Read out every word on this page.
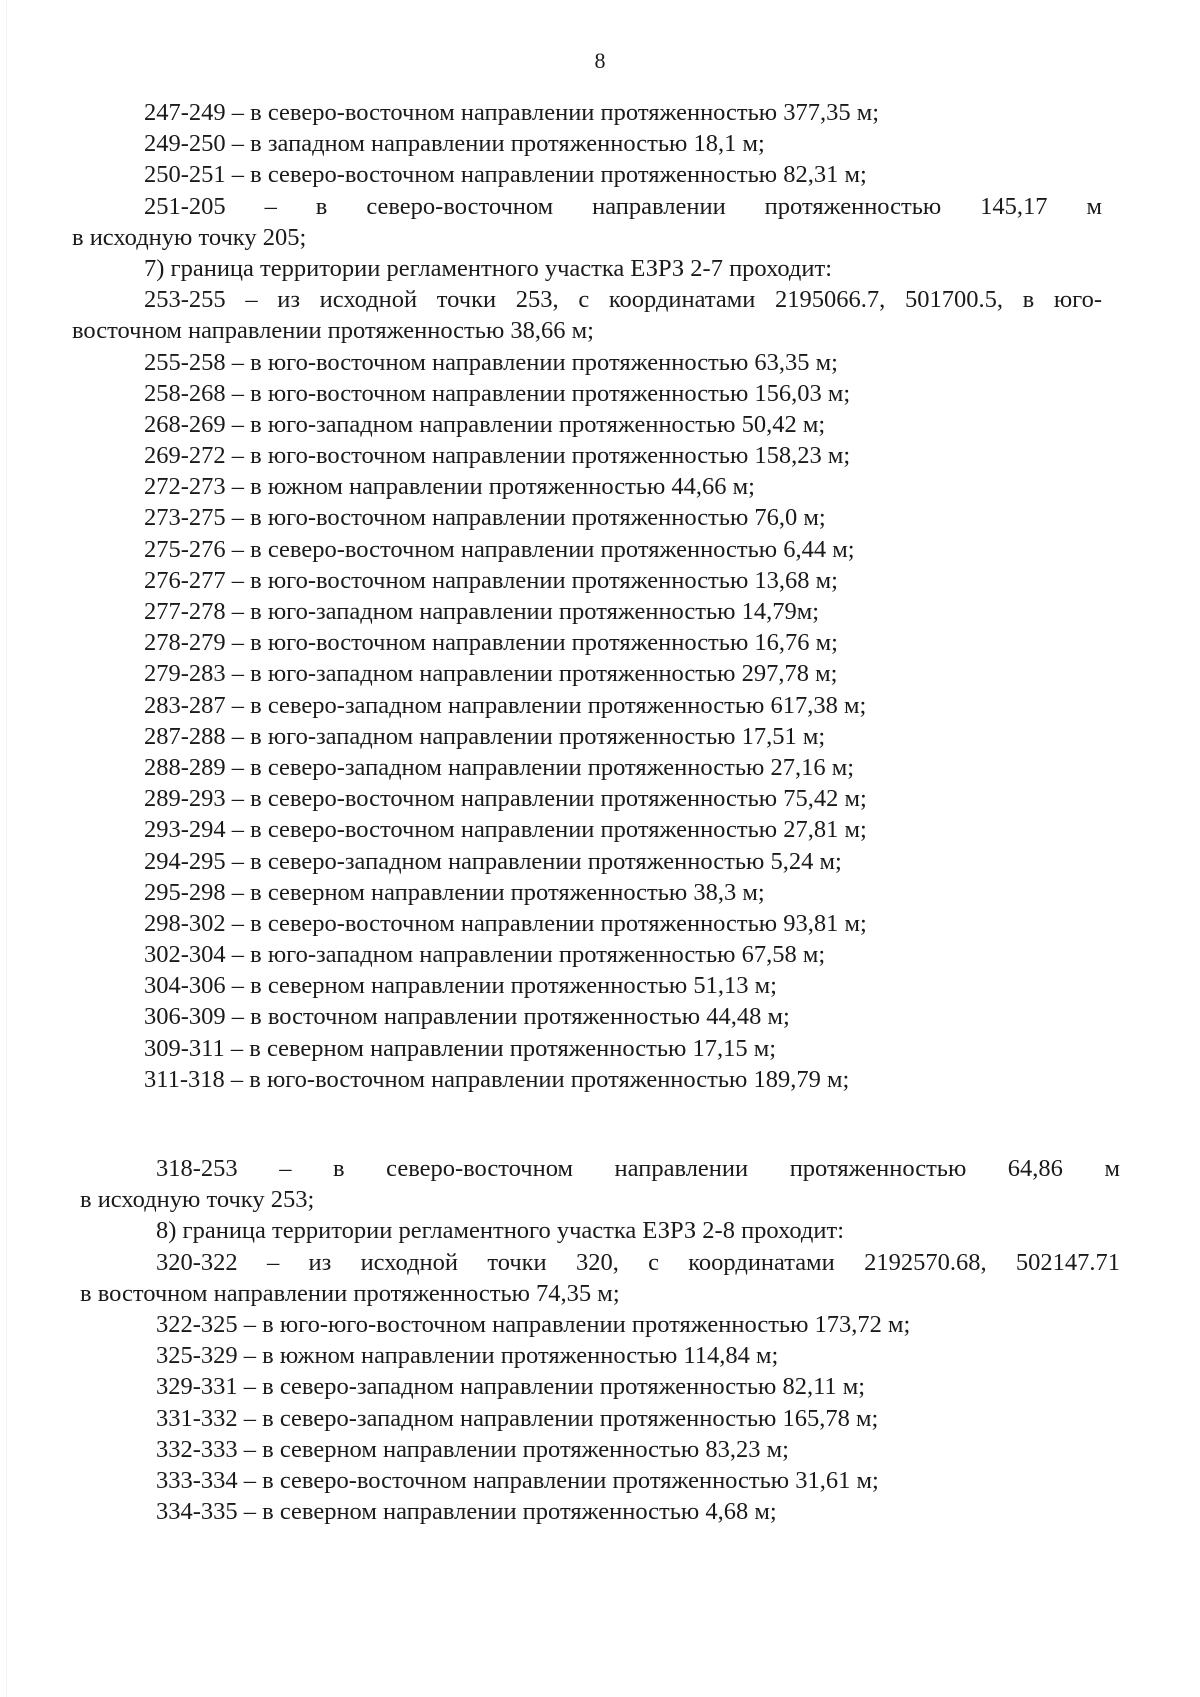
8
247-249 – в северо-восточном направлении протяженностью 377,35 м;
249-250 – в западном направлении протяженностью 18,1 м;
250-251 – в северо-восточном направлении протяженностью 82,31 м;
251-205 – в северо-восточном направлении протяженностью 145,17 м
в исходную точку 205;
7) граница территории регламентного участка ЕЗРЗ 2-7 проходит:
253-255 – из исходной точки 253, с координатами 2195066.7, 501700.5, в юго-
восточном направлении протяженностью 38,66 м;
255-258 – в юго-восточном направлении протяженностью 63,35 м;
258-268 – в юго-восточном направлении протяженностью 156,03 м;
268-269 – в юго-западном направлении протяженностью 50,42 м;
269-272 – в юго-восточном направлении протяженностью 158,23 м;
272-273 – в южном направлении протяженностью 44,66 м;
273-275 – в юго-восточном направлении протяженностью 76,0 м;
275-276 – в северо-восточном направлении протяженностью 6,44 м;
276-277 – в юго-восточном направлении протяженностью 13,68 м;
277-278 – в юго-западном направлении протяженностью 14,79м;
278-279 – в юго-восточном направлении протяженностью 16,76 м;
279-283 – в юго-западном направлении протяженностью 297,78 м;
283-287 – в северо-западном направлении протяженностью 617,38 м;
287-288 – в юго-западном направлении протяженностью 17,51 м;
288-289 – в северо-западном направлении протяженностью 27,16 м;
289-293 – в северо-восточном направлении протяженностью 75,42 м;
293-294 – в северо-восточном направлении протяженностью 27,81 м;
294-295 – в северо-западном направлении протяженностью 5,24 м;
295-298 – в северном направлении протяженностью 38,3 м;
298-302 – в северо-восточном направлении протяженностью 93,81 м;
302-304 – в юго-западном направлении протяженностью 67,58 м;
304-306 – в северном направлении протяженностью 51,13 м;
306-309 – в восточном направлении протяженностью 44,48 м;
309-311 – в северном направлении протяженностью 17,15 м;
311-318 – в юго-восточном направлении протяженностью 189,79 м;
318-253 – в северо-восточном направлении протяженностью 64,86 м
в исходную точку 253;
8) граница территории регламентного участка ЕЗРЗ 2-8 проходит:
320-322 – из исходной точки 320, с координатами 2192570.68, 502147.71
в восточном направлении протяженностью 74,35 м;
322-325 – в юго-юго-восточном направлении протяженностью 173,72 м;
325-329 – в южном направлении протяженностью 114,84 м;
329-331 – в северо-западном направлении протяженностью 82,11 м;
331-332 – в северо-западном направлении протяженностью 165,78 м;
332-333 – в северном направлении протяженностью 83,23 м;
333-334 – в северо-восточном направлении протяженностью 31,61 м;
334-335 – в северном направлении протяженностью 4,68 м;
